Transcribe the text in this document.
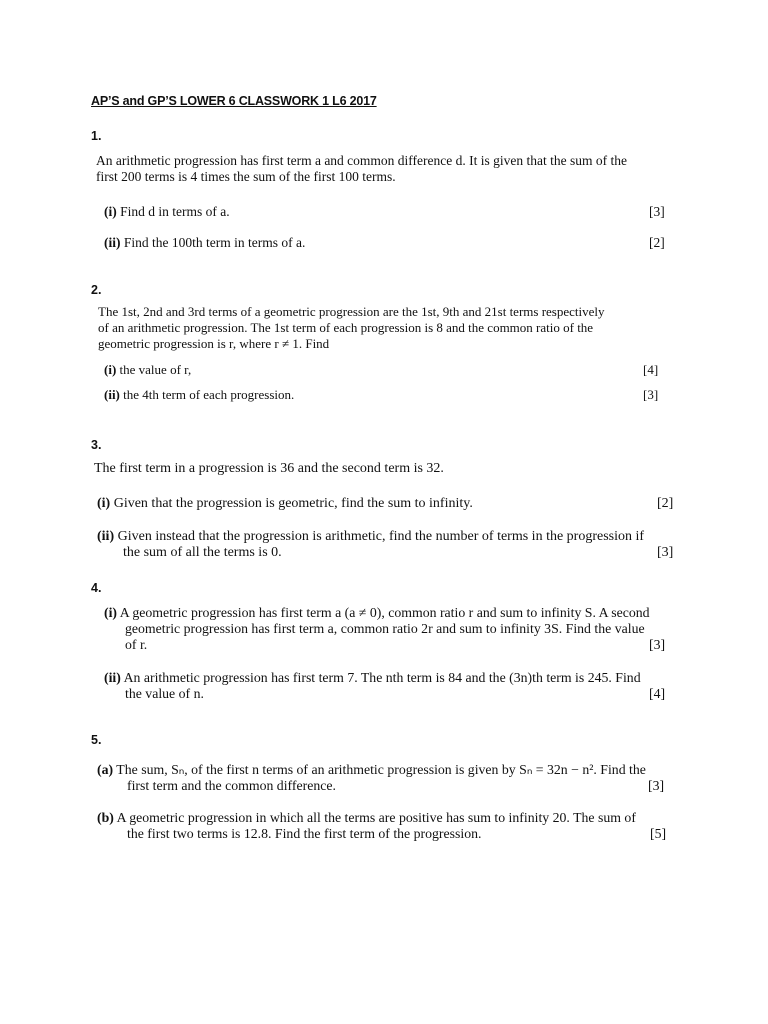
AP’S and GP’S LOWER 6 CLASSWORK 1 L6 2017
1.
An arithmetic progression has first term a and common difference d. It is given that the sum of the
first 200 terms is 4 times the sum of the first 100 terms.
(i) Find d in terms of a.	[3]
(ii) Find the 100th term in terms of a.	[2]
2.
The 1st, 2nd and 3rd terms of a geometric progression are the 1st, 9th and 21st terms respectively
of an arithmetic progression. The 1st term of each progression is 8 and the common ratio of the
geometric progression is r, where r ≠ 1. Find
(i) the value of r,	[4]
(ii) the 4th term of each progression.	[3]
3.
The first term in a progression is 36 and the second term is 32.
(i) Given that the progression is geometric, find the sum to infinity.	[2]
(ii) Given instead that the progression is arithmetic, find the number of terms in the progression if
the sum of all the terms is 0.	[3]
4.
(i) A geometric progression has first term a (a ≠ 0), common ratio r and sum to infinity S. A second
geometric progression has first term a, common ratio 2r and sum to infinity 3S. Find the value
of r.	[3]
(ii) An arithmetic progression has first term 7. The nth term is 84 and the (3n)th term is 245. Find
the value of n.	[4]
5.
(a) The sum, Sₙ, of the first n terms of an arithmetic progression is given by Sₙ = 32n − n². Find the
first term and the common difference.	[3]
(b) A geometric progression in which all the terms are positive has sum to infinity 20. The sum of
the first two terms is 12.8. Find the first term of the progression.	[5]
